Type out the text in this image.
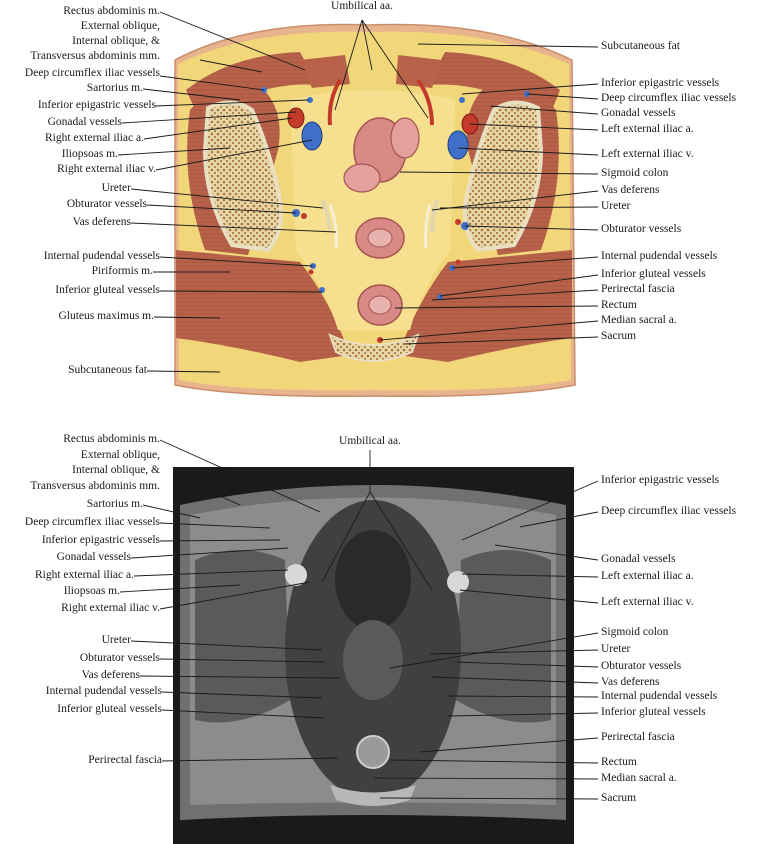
Umbilical aa.
Rectus abdominis m.
External oblique,
Internal oblique, &
Transversus abdominis mm.
Deep circumflex iliac vessels
Sartorius m.
Inferior epigastric vessels
Gonadal vessels
Right external iliac a.
Iliopsoas m.
Right external iliac v.
Ureter
Obturator vessels
Vas deferens
Internal pudendal vessels
Piriformis m.
Inferior gluteal vessels
Gluteus maximus m.
Subcutaneous fat
Subcutaneous fat
Inferior epigastric vessels
Deep circumflex iliac vessels
Gonadal vessels
Left external iliac a.
Left external iliac v.
Sigmoid colon
Vas deferens
Ureter
Obturator vessels
Internal pudendal vessels
Inferior gluteal vessels
Perirectal fascia
Rectum
Median sacral a.
Sacrum
Umbilical aa.
Rectus abdominis m.
External oblique,
Internal oblique, &
Transversus abdominis mm.
Sartorius m.
Deep circumflex iliac vessels
Inferior epigastric vessels
Gonadal vessels
Right external iliac a.
Iliopsoas m.
Right external iliac v.
Ureter
Obturator vessels
Vas deferens
Internal pudendal vessels
Inferior gluteal vessels
Perirectal fascia
Inferior epigastric vessels
Deep circumflex iliac vessels
Gonadal vessels
Left external iliac a.
Left external iliac v.
Sigmoid colon
Ureter
Obturator vessels
Vas deferens
Internal pudendal vessels
Inferior gluteal vessels
Perirectal fascia
Rectum
Median sacral a.
Sacrum
